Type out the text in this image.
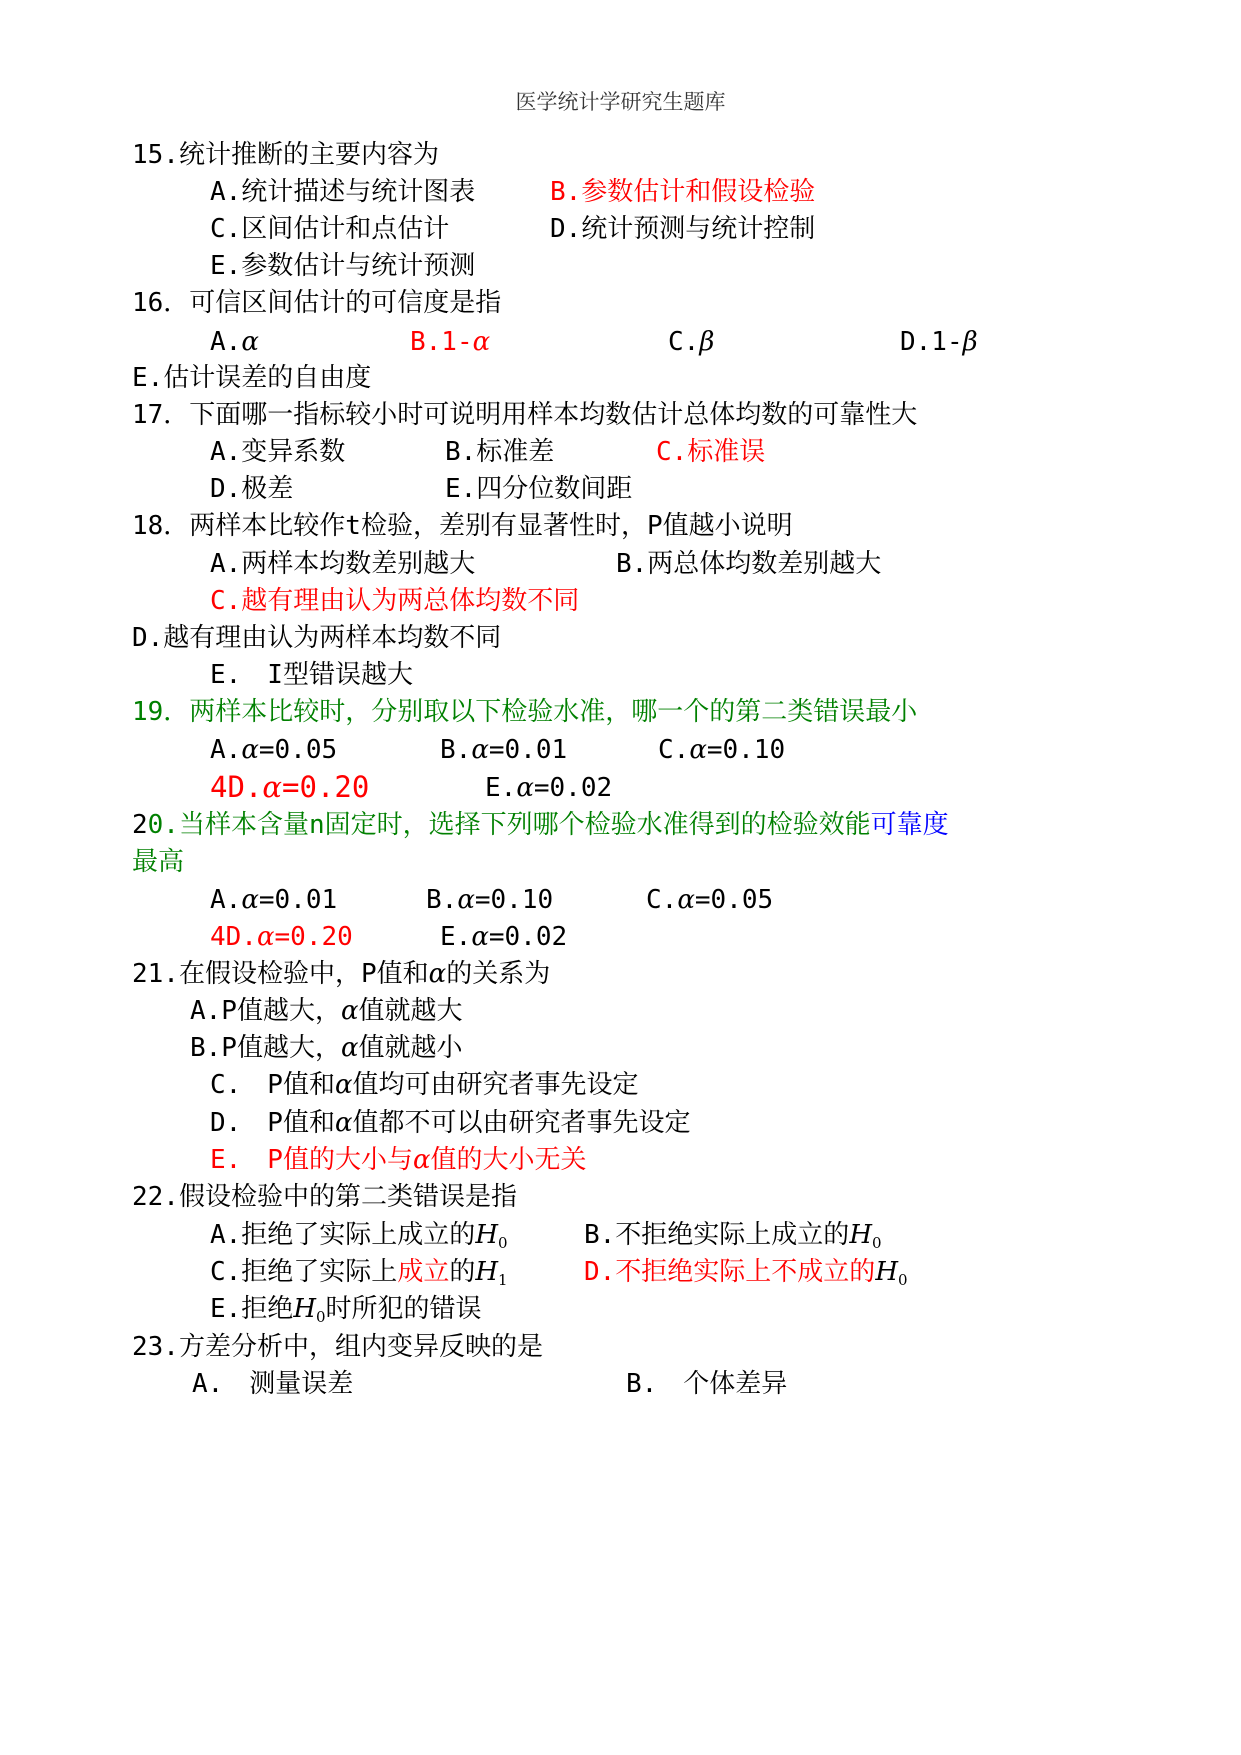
医学统计学研究生题库
15.统计推断的主要内容为
A.统计描述与统计图表	B.参数估计和假设检验
C.区间估计和点估计	D.统计预测与统计控制
E.参数估计与统计预测
16．可信区间估计的可信度是指
A.α	B.1-α	C.β	D.1-β
E.估计误差的自由度
17．下面哪一指标较小时可说明用样本均数估计总体均数的可靠性大
A.变异系数	B.标准差	C.标准误
D.极差	E.四分位数间距
18．两样本比较作t检验，差别有显著性时，P值越小说明
A.两样本均数差别越大	B.两总体均数差别越大
C.越有理由认为两总体均数不同
D.越有理由认为两样本均数不同
E.　I型错误越大
19．两样本比较时，分别取以下检验水准，哪一个的第二类错误最小
A.α=0.05	B.α=0.01	C.α=0.10
4D.α=0.20	E.α=0.02
20.当样本含量n固定时，选择下列哪个检验水准得到的检验效能可靠度
最高
A.α=0.01	B.α=0.10	C.α=0.05
4D.α=0.20	E.α=0.02
21.在假设检验中，P值和α的关系为
A.P值越大，α值就越大
B.P值越大，α值就越小
C.　P值和α值均可由研究者事先设定
D.　P值和α值都不可以由研究者事先设定
E.　P值的大小与α值的大小无关
22.假设检验中的第二类错误是指
A.拒绝了实际上成立的$H_0$	B.不拒绝实际上成立的$H_0$
C.拒绝了实际上成立的$H_1$	D.不拒绝实际上不成立的$H_0$
E.拒绝$H_0$时所犯的错误
23.方差分析中，组内变异反映的是
A.　测量误差	B.　个体差异
